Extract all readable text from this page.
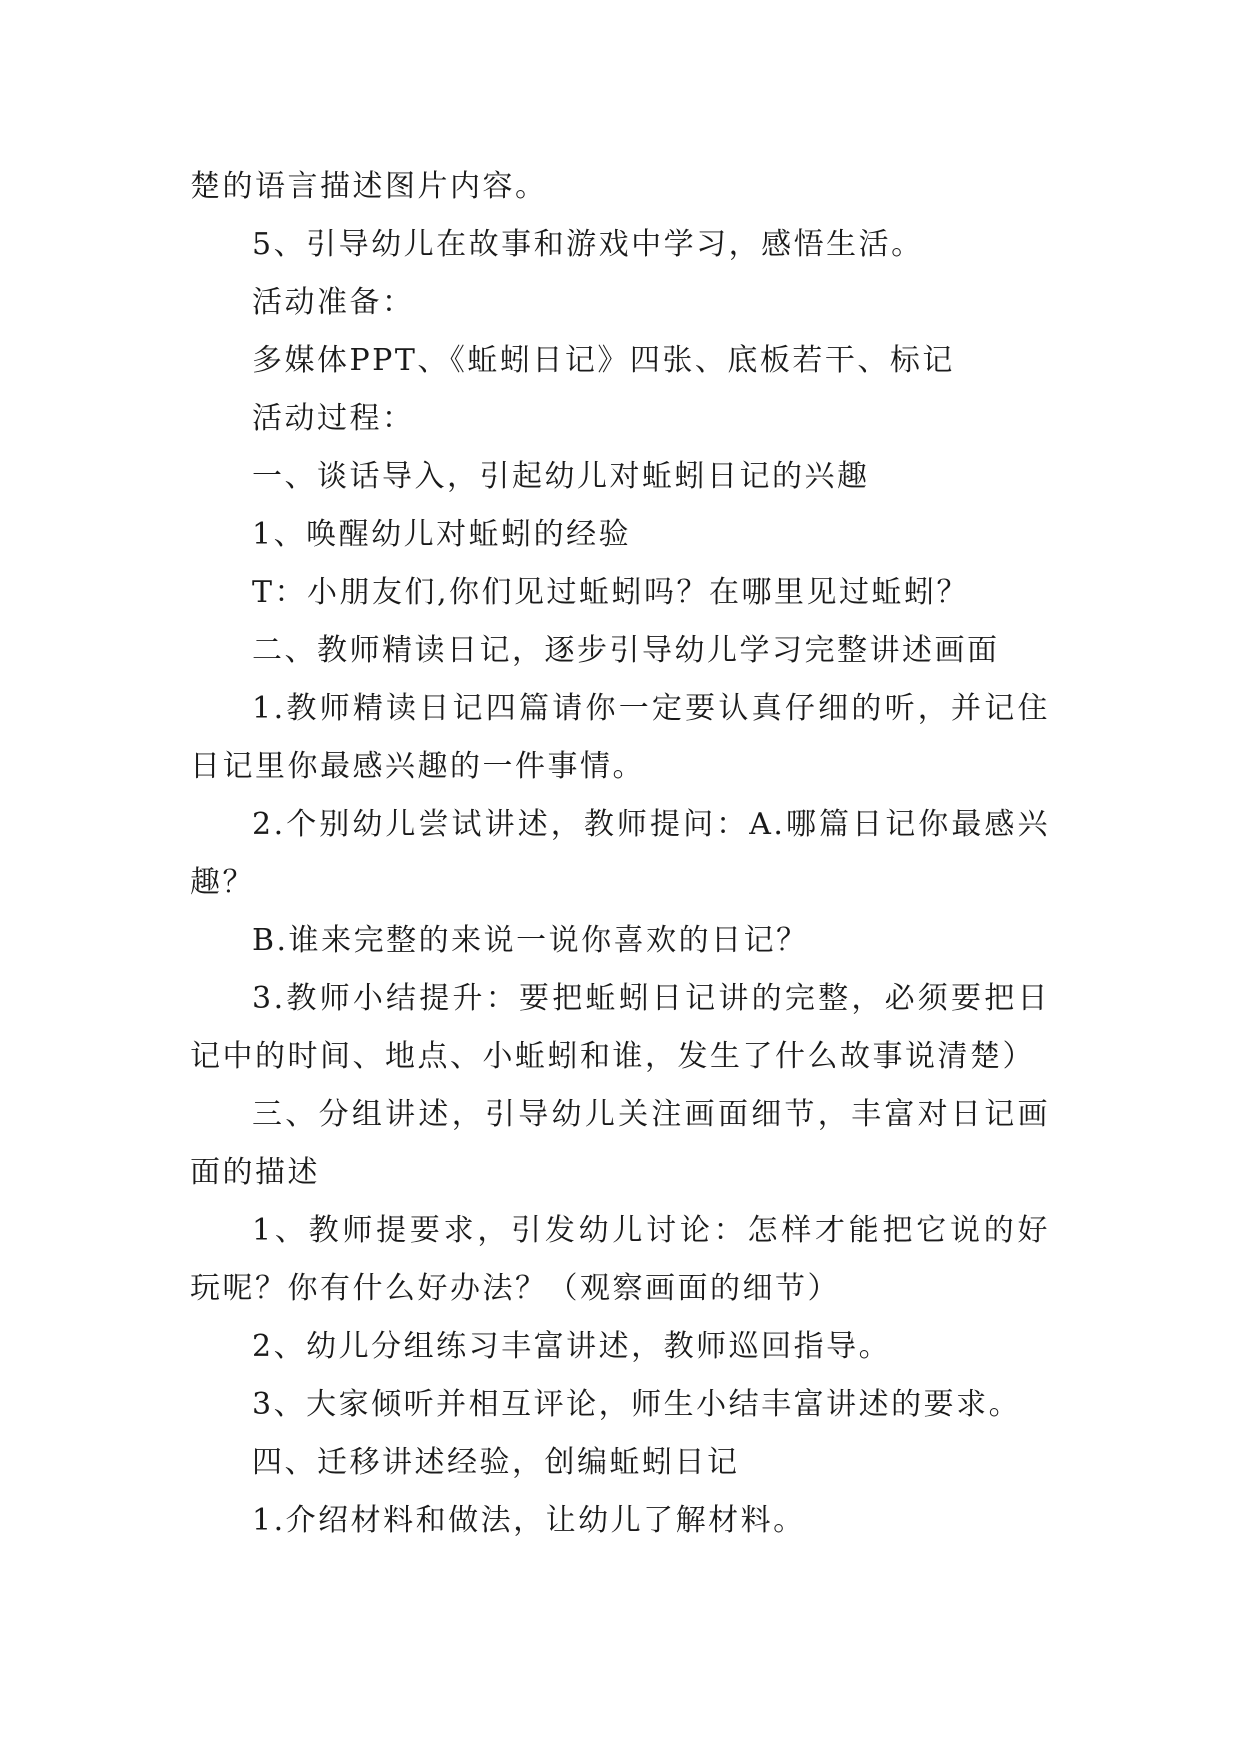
楚的语言描述图片内容。

5、引导幼儿在故事和游戏中学习，感悟生活。

活动准备：

多媒体PPT、《蚯蚓日记》四张、底板若干、标记

活动过程：

一、谈话导入，引起幼儿对蚯蚓日记的兴趣

1、唤醒幼儿对蚯蚓的经验

T：小朋友们,你们见过蚯蚓吗？在哪里见过蚯蚓？

二、教师精读日记，逐步引导幼儿学习完整讲述画面

1.教师精读日记四篇请你一定要认真仔细的听，并记住日记里你最感兴趣的一件事情。

2.个别幼儿尝试讲述，教师提问：A.哪篇日记你最感兴趣？

B.谁来完整的来说一说你喜欢的日记？

3.教师小结提升：要把蚯蚓日记讲的完整，必须要把日记中的时间、地点、小蚯蚓和谁，发生了什么故事说清楚）

三、分组讲述，引导幼儿关注画面细节，丰富对日记画面的描述

1、教师提要求，引发幼儿讨论：怎样才能把它说的好玩呢？你有什么好办法？（观察画面的细节）

2、幼儿分组练习丰富讲述，教师巡回指导。

3、大家倾听并相互评论，师生小结丰富讲述的要求。

四、迁移讲述经验，创编蚯蚓日记

1.介绍材料和做法，让幼儿了解材料。
